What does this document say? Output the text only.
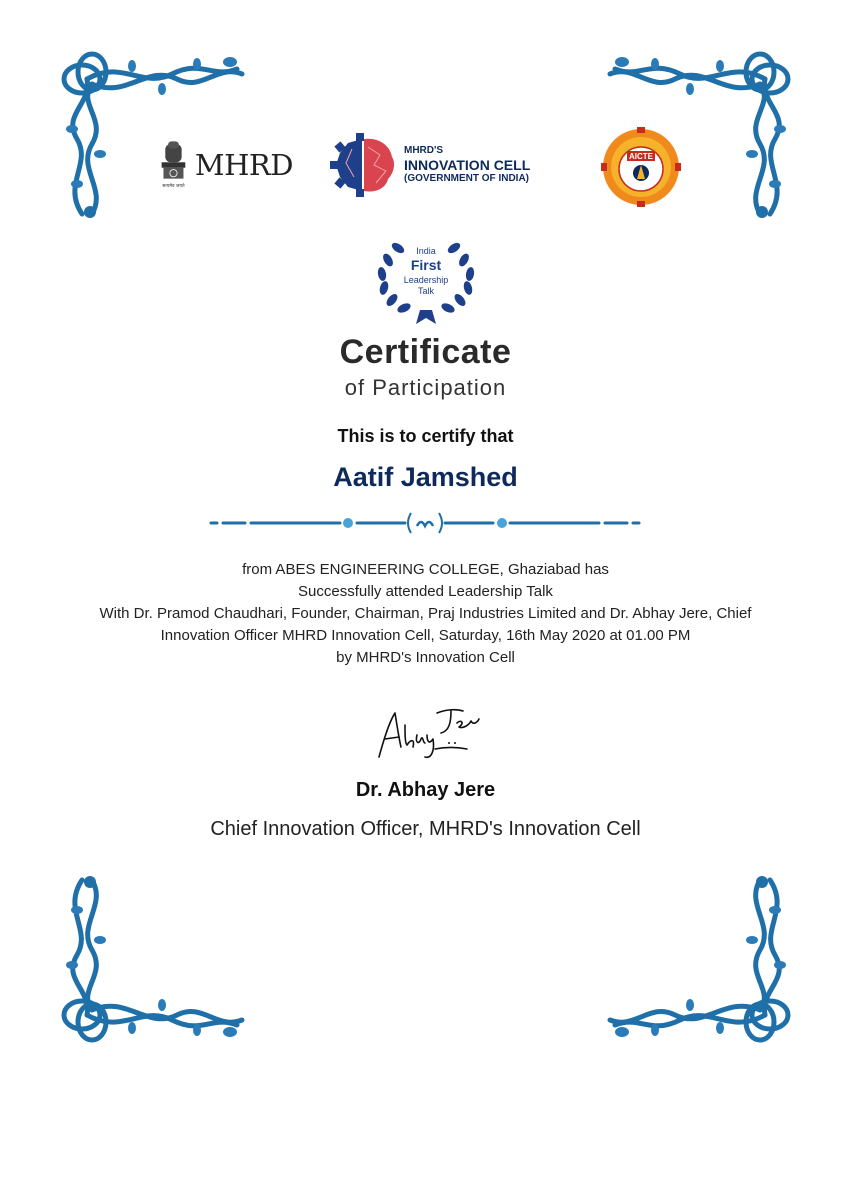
सत्यमेव जयते
MHRD	MHRD'S
INNOVATION CELL
(GOVERNMENT OF INDIA)
AICTE
India
First
Leadership
Talk
Certificate
of Participation
This is to certify that
Aatif Jamshed
from ABES ENGINEERING COLLEGE, Ghaziabad has
Successfully attended Leadership Talk
With Dr. Pramod Chaudhari, Founder, Chairman, Praj Industries Limited and Dr. Abhay Jere, Chief
Innovation Officer MHRD Innovation Cell, Saturday, 16th May 2020 at 01.00 PM
by MHRD's Innovation Cell
Dr. Abhay Jere
Chief Innovation Officer, MHRD's Innovation Cell
